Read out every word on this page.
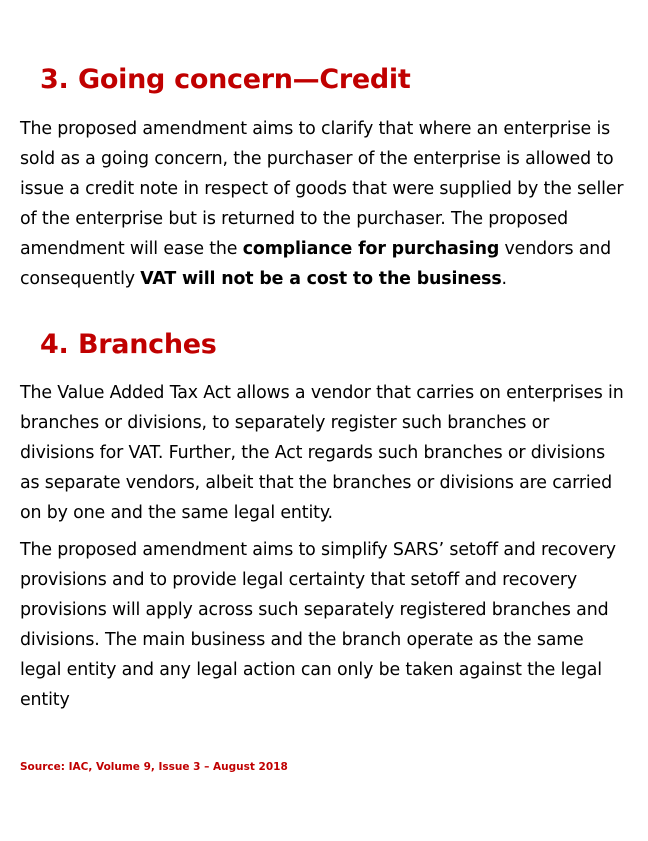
3. Going concern—Credit

The proposed amendment aims to clarify that where an enterprise is sold as a going concern, the purchaser of the enterprise is allowed to issue a credit note in respect of goods that were supplied by the seller of the enterprise but is returned to the purchaser. The proposed amendment will ease the compliance for purchasing vendors and consequently VAT will not be a cost to the business.

4. Branches

The Value Added Tax Act allows a vendor that carries on enterprises in branches or divisions, to separately register such branches or divisions for VAT. Further, the Act regards such branches or divisions as separate vendors, albeit that the branches or divisions are carried on by one and the same legal entity.

The proposed amendment aims to simplify SARS’ setoff and recovery provisions and to provide legal certainty that setoff and recovery provisions will apply across such separately registered branches and divisions. The main business and the branch operate as the same legal entity and any legal action can only be taken against the legal entity

Source: IAC, Volume 9, Issue 3 – August 2018
